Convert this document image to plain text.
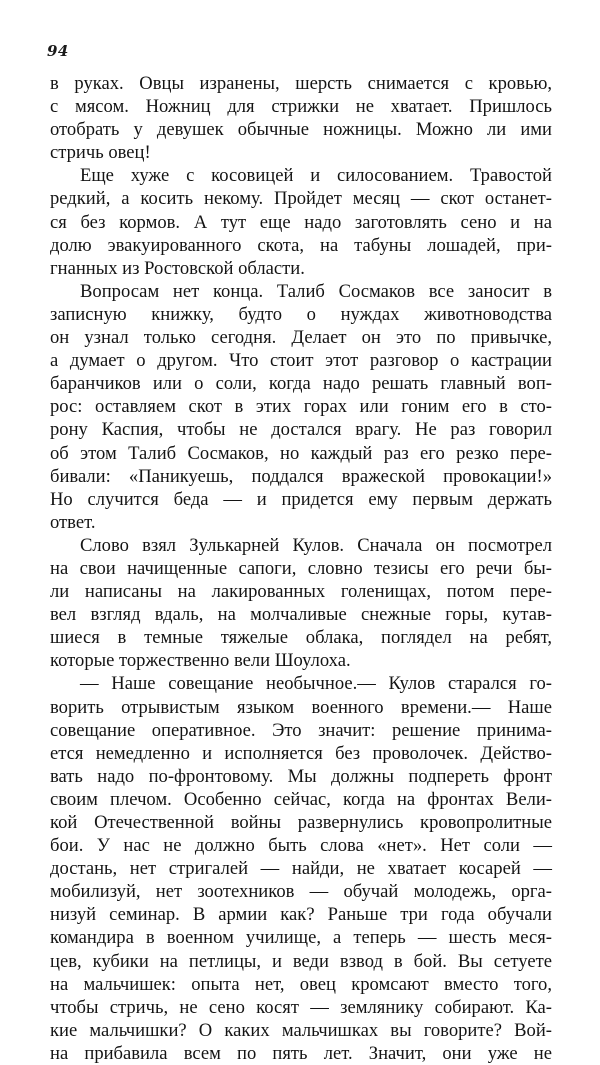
94
в руках. Овцы изранены, шерсть снимается с кровью,
с мясом. Ножниц для стрижки не хватает. Пришлось
отобрать у девушек обычные ножницы. Можно ли ими
стричь овец!
Еще хуже с косовицей и силосованием. Травостой
редкий, а косить некому. Пройдет месяц — скот останет-
ся без кормов. А тут еще надо заготовлять сено и на
долю эвакуированного скота, на табуны лошадей, при-
гнанных из Ростовской области.
Вопросам нет конца. Талиб Сосмаков все заносит в
записную книжку, будто о нуждах животноводства
он узнал только сегодня. Делает он это по привычке,
а думает о другом. Что стоит этот разговор о кастрации
баранчиков или о соли, когда надо решать главный воп-
рос: оставляем скот в этих горах или гоним его в сто-
рону Каспия, чтобы не достался врагу. Не раз говорил
об этом Талиб Сосмаков, но каждый раз его резко пере-
бивали: «Паникуешь, поддался вражеской провокации!»
Но случится беда — и придется ему первым держать
ответ.
Слово взял Зулькарней Кулов. Сначала он посмотрел
на свои начищенные сапоги, словно тезисы его речи бы-
ли написаны на лакированных голенищах, потом пере-
вел взгляд вдаль, на молчаливые снежные горы, кутав-
шиеся в темные тяжелые облака, поглядел на ребят,
которые торжественно вели Шоулоха.
— Наше совещание необычное.— Кулов старался го-
ворить отрывистым языком военного времени.— Наше
совещание оперативное. Это значит: решение принима-
ется немедленно и исполняется без проволочек. Действо-
вать надо по-фронтовому. Мы должны подпереть фронт
своим плечом. Особенно сейчас, когда на фронтах Вели-
кой Отечественной войны развернулись кровопролитные
бои. У нас не должно быть слова «нет». Нет соли —
достань, нет стригалей — найди, не хватает косарей —
мобилизуй, нет зоотехников — обучай молодежь, орга-
низуй семинар. В армии как? Раньше три года обучали
командира в военном училище, а теперь — шесть меся-
цев, кубики на петлицы, и веди взвод в бой. Вы сетуете
на мальчишек: опыта нет, овец кромсают вместо того,
чтобы стричь, не сено косят — землянику собирают. Ка-
кие мальчишки? О каких мальчишках вы говорите? Вой-
на прибавила всем по пять лет. Значит, они уже не
